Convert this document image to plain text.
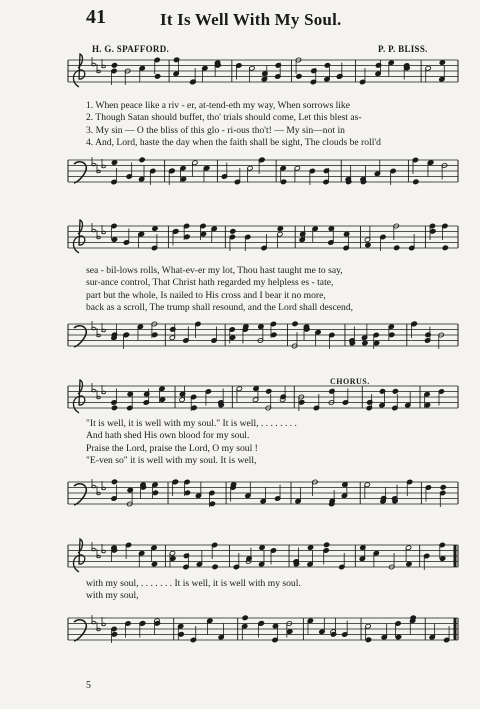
41	It Is Well With My Soul.
H. G. SPAFFORD.	P. P. BLISS.
1. When peace like a riv - er, at-tend-eth my way, When sorrows like
2. Though Satan should buffet, tho' trials should come, Let this blest as-
3. My sin — O the bliss of this glo - ri-ous tho't! — My sin—not in
4. And, Lord, haste the day when the faith shall be sight, The clouds be roll'd
sea - bil-lows rolls, What-ev-er my lot, Thou hast taught me to say,
sur-ance control, That Christ hath regarded my helpless es - tate,
part but the whole, Is nailed to His cross and I bear it no more,
back as a scroll, The trump shall resound, and the Lord shall descend,
CHORUS.
"It is well, it is well with my soul." It is well, . . . . . . . .
And hath shed His own blood for my soul.
Praise the Lord, praise the Lord, O my soul !
"E-ven so" it is well with my soul. It is well,
with my soul, . . . . . . . It is well, it is well with my soul.
with my soul,
5
